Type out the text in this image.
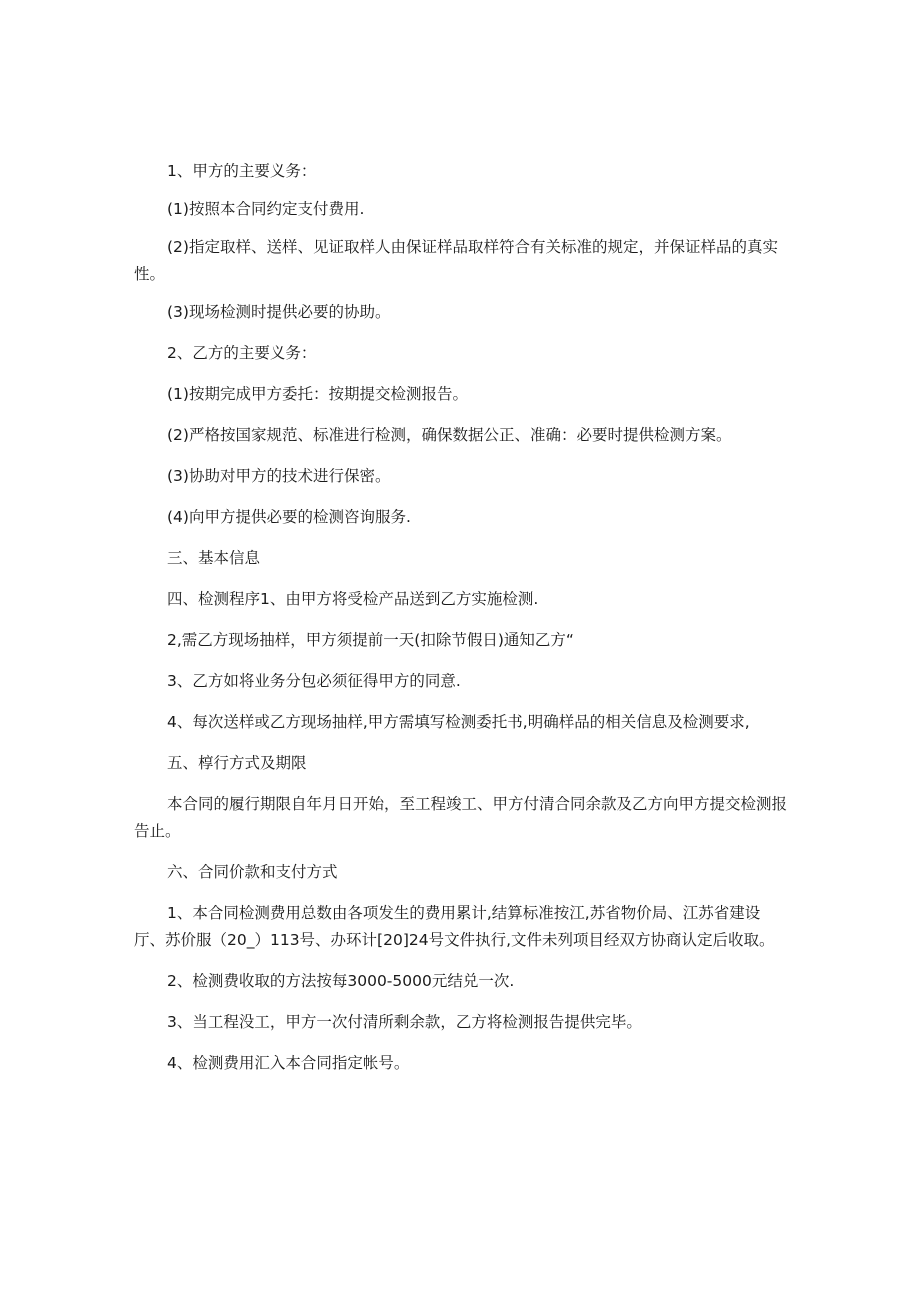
1、甲方的主要义务：

(1)按照本合同约定支付费用.

(2)指定取样、送样、见证取样人由保证样品取样符合有关标准的规定，并保证样品的真实性。

(3)现场检测时提供必要的协助。

2、乙方的主要义务：

(1)按期完成甲方委托：按期提交检测报告。

(2)严格按国家规范、标准进行检测，确保数据公正、准确：必要时提供检测方案。

(3)协助对甲方的技术进行保密。

(4)向甲方提供必要的检测咨询服务.

三、基本信息

四、检测程序1、由甲方将受检产品送到乙方实施检测.

2,需乙方现场抽样，甲方须提前一天(扣除节假日)通知乙方“

3、乙方如将业务分包必须征得甲方的同意.

4、每次送样或乙方现场抽样,甲方需填写检测委托书,明确样品的相关信息及检测要求,

五、椁行方式及期限

本合同的履行期限自年月日开始，至工程竣工、甲方付清合同余款及乙方向甲方提交检测报告止。

六、合同价款和支付方式

1、本合同检测费用总数由各项发生的费用累计,结算标准按江,苏省物价局、江苏省建设厅、苏价服（20_）113号、办环计[20]24号文件执行,文件未列项目经双方协商认定后收取。

2、检测费收取的方法按每3000-5000元结兑一次.

3、当工程没工，甲方一次付清所剩余款，乙方将检测报告提供完毕。

4、检测费用汇入本合同指定帐号。
